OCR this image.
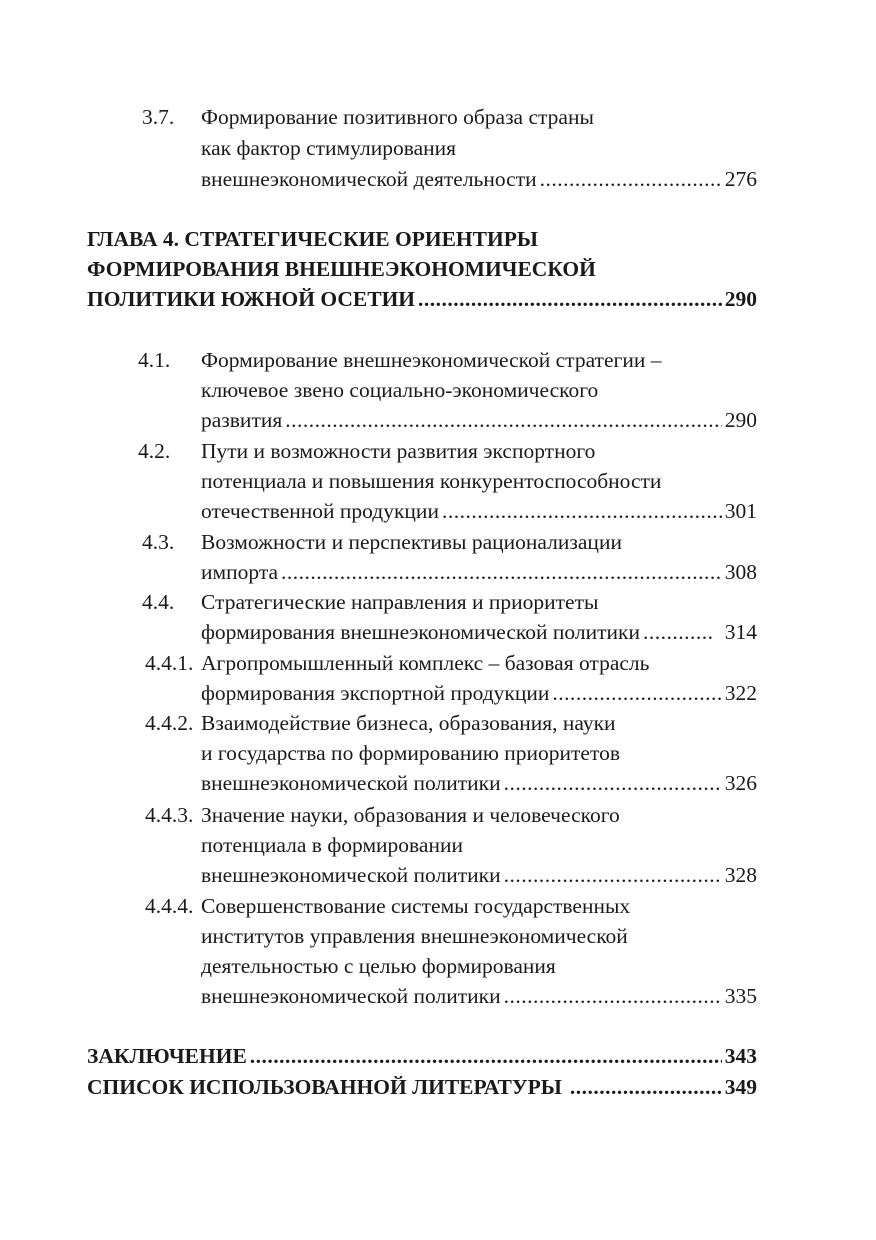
3.7. Формирование позитивного образа страны
как фактор стимулирования
внешнеэкономической деятельности .....	276
ГЛАВА 4. СТРАТЕГИЧЕСКИЕ ОРИЕНТИРЫ
ФОРМИРОВАНИЯ ВНЕШНЕЭКОНОМИЧЕСКОЙ
ПОЛИТИКИ ЮЖНОЙ ОСЕТИИ .....	290
4.1. Формирование внешнеэкономической стратегии –
ключевое звено социально-экономического
развития .....	290
4.2. Пути и возможности развития экспортного
потенциала и повышения конкурентоспособности
отечественной продукции .....	301
4.3. Возможности и перспективы рационализации
импорта .....	308
4.4. Стратегические направления и приоритеты
формирования внешнеэкономической политики .....	314
4.4.1. Агропромышленный комплекс – базовая отрасль
формирования экспортной продукции .....	322
4.4.2. Взаимодействие бизнеса, образования, науки
и государства по формированию приоритетов
внешнеэкономической политики .....	326
4.4.3. Значение науки, образования и человеческого
потенциала в формировании
внешнеэкономической политики .....	328
4.4.4. Совершенствование системы государственных
институтов управления внешнеэкономической
деятельностью с целью формирования
внешнеэкономической политики .....	335
ЗАКЛЮЧЕНИЕ .....	343
СПИСОК ИСПОЛЬЗОВАННОЙ ЛИТЕРАТУРЫ .....	349
